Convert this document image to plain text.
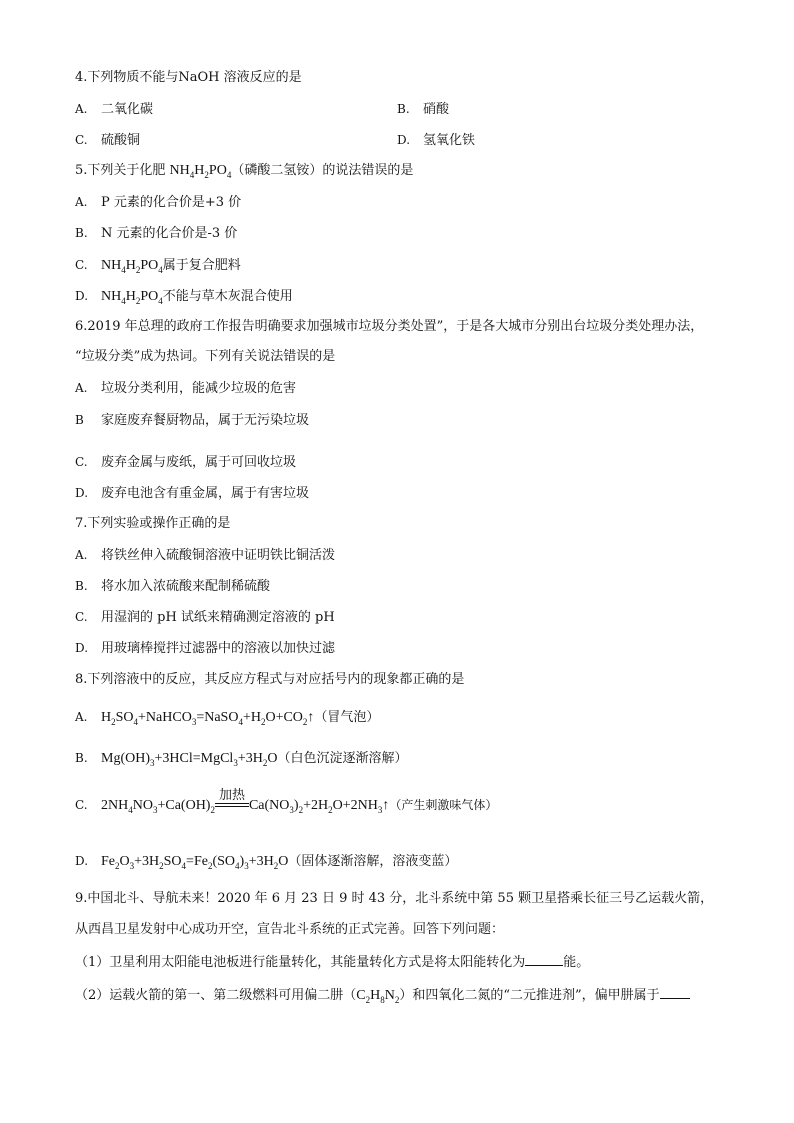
4.下列物质不能与NaOH 溶液反应的是
A. 二氧化碳	B. 硝酸
C. 硫酸铜	D. 氢氧化铁
5.下列关于化肥 $NH_4H_2PO_4$（磷酸二氢铵）的说法错误的是
A. P 元素的化合价是+3 价
B. N 元素的化合价是-3 价
C. $NH_4H_2PO_4$属于复合肥料
D. $NH_4H_2PO_4$不能与草木灰混合使用
6.2019 年总理的政府工作报告明确要求加强城市垃圾分类处置”，于是各大城市分别出台垃圾分类处理办法，
“垃圾分类”成为热词。下列有关说法错误的是
A. 垃圾分类利用，能减少垃圾的危害
B 家庭废弃餐厨物品，属于无污染垃圾
C. 废弃金属与废纸，属于可回收垃圾
D. 废弃电池含有重金属，属于有害垃圾
7.下列实验或操作正确的是
A. 将铁丝伸入硫酸铜溶液中证明铁比铜活泼
B. 将水加入浓硫酸来配制稀硫酸
C. 用湿润的 pH 试纸来精确测定溶液的 pH
D. 用玻璃棒搅拌过滤器中的溶液以加快过滤
8.下列溶液中的反应，其反应方程式与对应括号内的现象都正确的是
A. $H_2SO_4+NaHCO_3=NaSO_4+H_2O+CO_2↑$（冒气泡）
B. $Mg(OH)_3+3HCl=MgCl_3+3H_2O$（白色沉淀逐渐溶解）
C. $2NH_4NO_3+Ca(OH)_2$
加热
$Ca(NO_3)_2+2H_2O+2NH_3↑$（产生刺激味气体）
D. $Fe_2O_3+3H_2SO_4=Fe_2(SO_4)_3+3H_2O$（固体逐渐溶解，溶液变蓝）
9.中国北斗、导航未来！2020 年 6 月 23 日 9 时 43 分，北斗系统中第 55 颗卫星搭乘长征三号乙运载火箭，
从西昌卫星发射中心成功开空，宣告北斗系统的正式完善。回答下列问题：
（1）卫星利用太阳能电池板进行能量转化，其能量转化方式是将太阳能转化为	能。
（2）运载火箭的第一、第二级燃料可用偏二肼$(C_2H_8N_2)$和四氧化二氮的“二元推进剂”，偏甲肼属于
